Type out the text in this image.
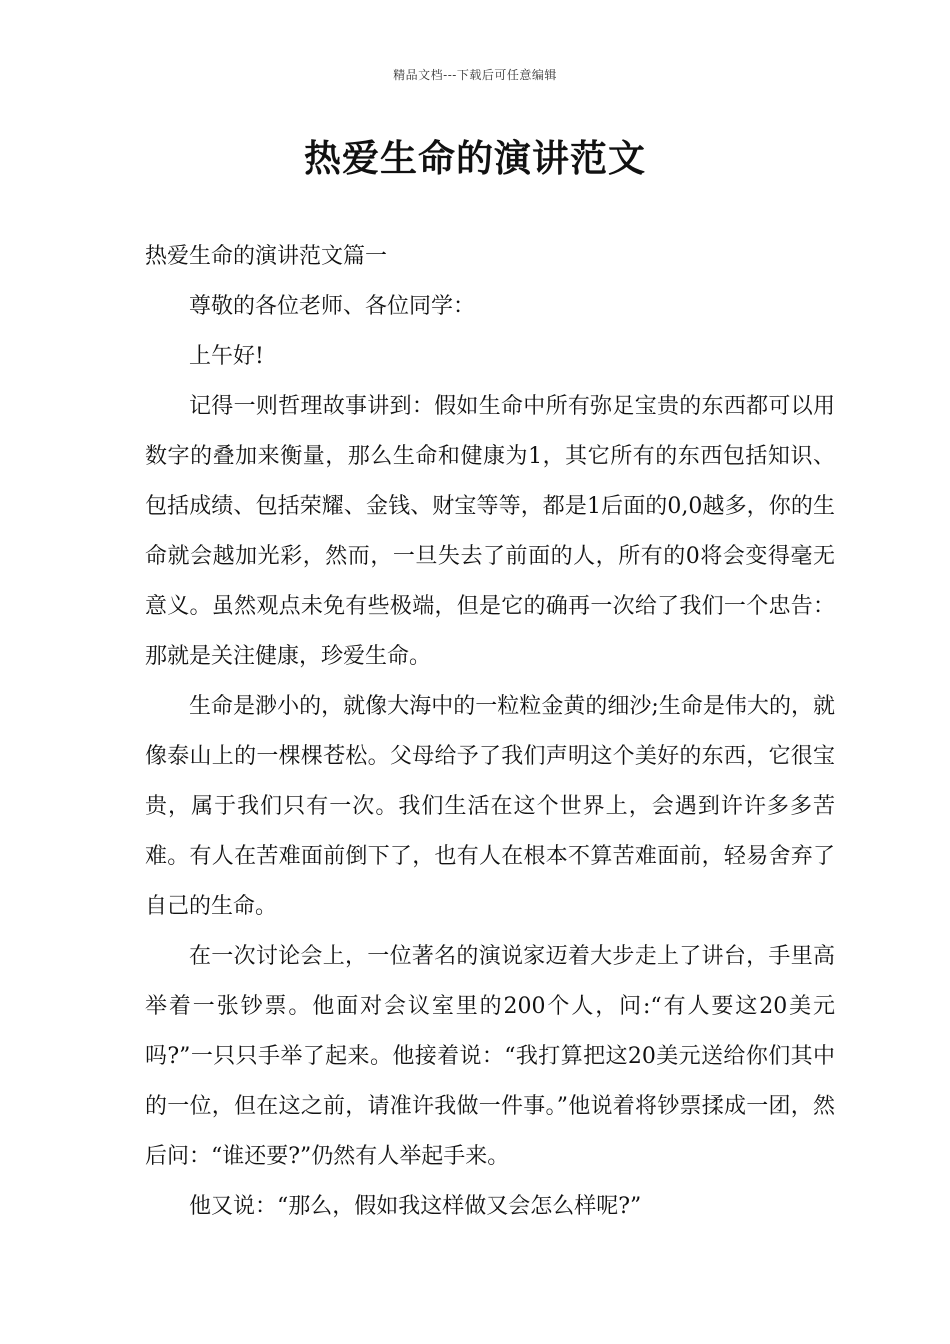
精品文档---下载后可任意编辑
热爱生命的演讲范文

热爱生命的演讲范文篇一

尊敬的各位老师、各位同学：

上午好!

记得一则哲理故事讲到：假如生命中所有弥足宝贵的东西都可以用数字的叠加来衡量，那么生命和健康为1，其它所有的东西包括知识、包括成绩、包括荣耀、金钱、财宝等等，都是1后面的0,0越多，你的生命就会越加光彩，然而，一旦失去了前面的人，所有的0将会变得毫无意义。虽然观点未免有些极端，但是它的确再一次给了我们一个忠告：那就是关注健康，珍爱生命。

生命是渺小的，就像大海中的一粒粒金黄的细沙;生命是伟大的，就像泰山上的一棵棵苍松。父母给予了我们声明这个美好的东西，它很宝贵，属于我们只有一次。我们生活在这个世界上，会遇到许许多多苦难。有人在苦难面前倒下了，也有人在根本不算苦难面前，轻易舍弃了自己的生命。

在一次讨论会上，一位著名的演说家迈着大步走上了讲台，手里高举着一张钞票。他面对会议室里的200个人，问:“有人要这20美元吗?”一只只手举了起来。他接着说：“我打算把这20美元送给你们其中的一位，但在这之前，请准许我做一件事。”他说着将钞票揉成一团，然后问：“谁还要?”仍然有人举起手来。

他又说：“那么，假如我这样做又会怎么样呢?”
